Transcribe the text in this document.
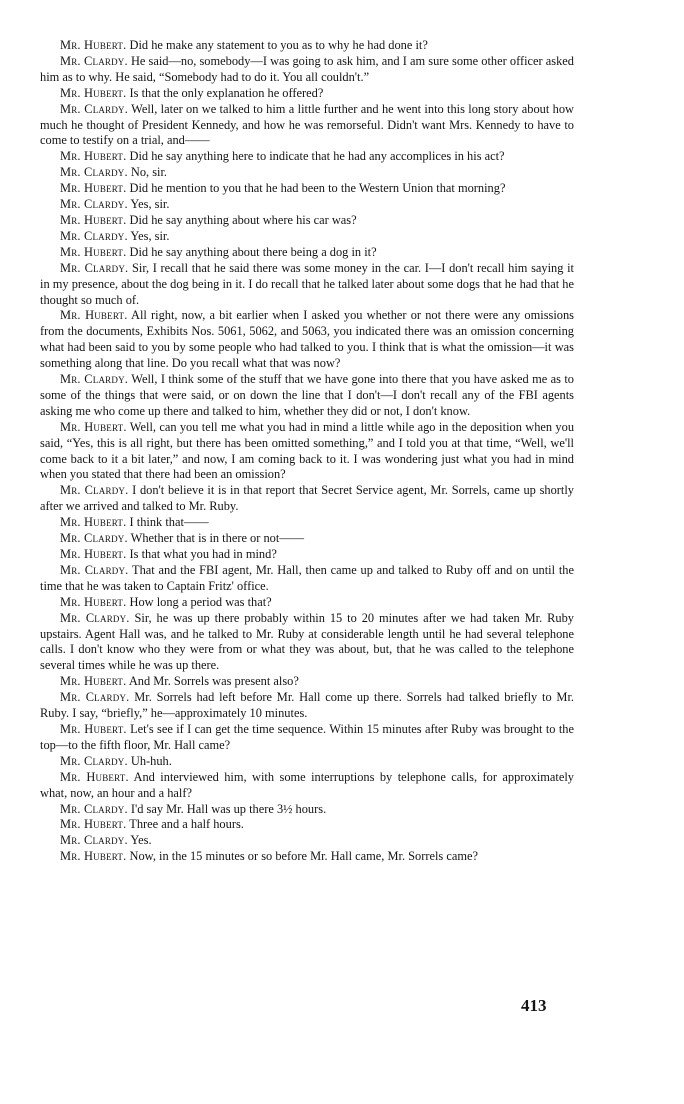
Mr. Hubert. Did he make any statement to you as to why he had done it?

Mr. Clardy. He said—no, somebody—I was going to ask him, and I am sure some other officer asked him as to why. He said, “Somebody had to do it. You all couldn't.”

Mr. Hubert. Is that the only explanation he offered?

Mr. Clardy. Well, later on we talked to him a little further and he went into this long story about how much he thought of President Kennedy, and how he was remorseful. Didn't want Mrs. Kennedy to have to come to testify on a trial, and——

Mr. Hubert. Did he say anything here to indicate that he had any accomplices in his act?

Mr. Clardy. No, sir.

Mr. Hubert. Did he mention to you that he had been to the Western Union that morning?

Mr. Clardy. Yes, sir.

Mr. Hubert. Did he say anything about where his car was?

Mr. Clardy. Yes, sir.

Mr. Hubert. Did he say anything about there being a dog in it?

Mr. Clardy. Sir, I recall that he said there was some money in the car. I—I don't recall him saying it in my presence, about the dog being in it. I do recall that he talked later about some dogs that he had that he thought so much of.

Mr. Hubert. All right, now, a bit earlier when I asked you whether or not there were any omissions from the documents, Exhibits Nos. 5061, 5062, and 5063, you indicated there was an omission concerning what had been said to you by some people who had talked to you. I think that is what the omission—it was something along that line. Do you recall what that was now?

Mr. Clardy. Well, I think some of the stuff that we have gone into there that you have asked me as to some of the things that were said, or on down the line that I don't—I don't recall any of the FBI agents asking me who come up there and talked to him, whether they did or not, I don't know.

Mr. Hubert. Well, can you tell me what you had in mind a little while ago in the deposition when you said, “Yes, this is all right, but there has been omitted something,” and I told you at that time, “Well, we'll come back to it a bit later,” and now, I am coming back to it. I was wondering just what you had in mind when you stated that there had been an omission?

Mr. Clardy. I don't believe it is in that report that Secret Service agent, Mr. Sorrels, came up shortly after we arrived and talked to Mr. Ruby.

Mr. Hubert. I think that——

Mr. Clardy. Whether that is in there or not——

Mr. Hubert. Is that what you had in mind?

Mr. Clardy. That and the FBI agent, Mr. Hall, then came up and talked to Ruby off and on until the time that he was taken to Captain Fritz' office.

Mr. Hubert. How long a period was that?

Mr. Clardy. Sir, he was up there probably within 15 to 20 minutes after we had taken Mr. Ruby upstairs. Agent Hall was, and he talked to Mr. Ruby at considerable length until he had several telephone calls. I don't know who they were from or what they was about, but, that he was called to the telephone several times while he was up there.

Mr. Hubert. And Mr. Sorrels was present also?

Mr. Clardy. Mr. Sorrels had left before Mr. Hall come up there. Sorrels had talked briefly to Mr. Ruby. I say, “briefly,” he—approximately 10 minutes.

Mr. Hubert. Let's see if I can get the time sequence. Within 15 minutes after Ruby was brought to the top—to the fifth floor, Mr. Hall came?

Mr. Clardy. Uh-huh.

Mr. Hubert. And interviewed him, with some interruptions by telephone calls, for approximately what, now, an hour and a half?

Mr. Clardy. I'd say Mr. Hall was up there 3½ hours.

Mr. Hubert. Three and a half hours.

Mr. Clardy. Yes.

Mr. Hubert. Now, in the 15 minutes or so before Mr. Hall came, Mr. Sorrels came?

413
